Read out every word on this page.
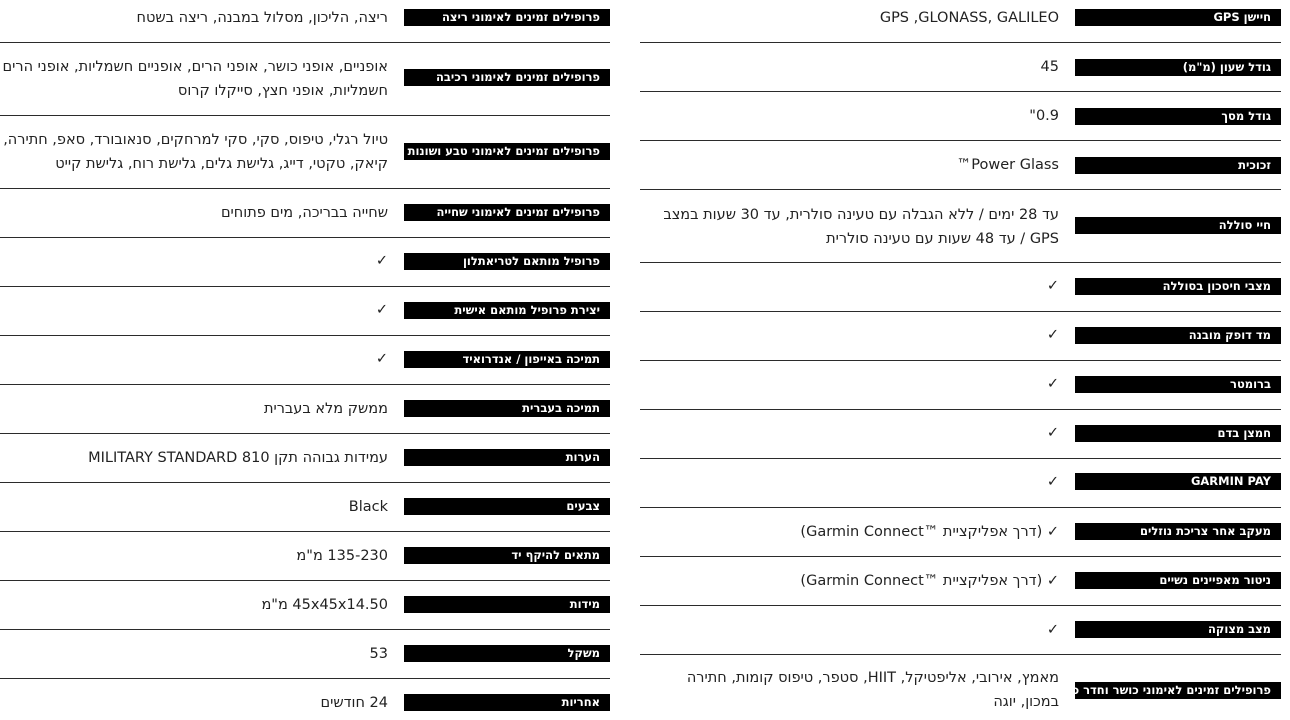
חיישן GPS
GPS ,GLONASS, GALILEO
גודל שעון (מ"מ)
45
גודל מסך
0.9"
זכוכית
Power Glass™
חיי סוללה
עד 28 ימים / ללא הגבלה עם טעינה סולרית, עד 30 שעות במצב GPS / עד 48 שעות עם טעינה סולרית
מצבי חיסכון בסוללה
✓
מד דופק מובנה
✓
ברומטר
✓
חמצן בדם
✓
GARMIN PAY
✓
מעקב אחר צריכת נוזלים
✓ (דרך אפליקציית ™Garmin Connect)
ניטור מאפיינים נשיים
✓ (דרך אפליקציית ™Garmin Connect)
מצב מצוקה
✓
פרופילים זמינים לאימוני כושר וחדר כושר
מאמץ, אירובי, אליפטיקל, HIIT, סטפר, טיפוס קומות, חתירה במכון, יוגה
פרופילים זמינים לאימוני ריצה
ריצה, הליכון, מסלול במבנה, ריצה בשטח
פרופילים זמינים לאימוני רכיבה
אופניים, אופני כושר, אופני הרים, אופניים חשמליות, אופני הרים חשמליות, אופני חצץ, סייקלו קרוס
פרופילים זמינים לאימוני טבע ושונות
טיול רגלי, טיפוס, סקי, סקי למרחקים, סנאובורד, סאפ, חתירה, קיאק, טקטי, דייג, גלישת גלים, גלישת רוח, גלישת קייט
פרופילים זמינים לאימוני שחייה
שחייה בבריכה, מים פתוחים
פרופיל מותאם לטריאתלון
✓
יצירת פרופיל מותאם אישית
✓
תמיכה באייפון / אנדרואיד
✓
תמיכה בעברית
ממשק מלא בעברית
הערות
עמידות גבוהה תקן MILITARY STANDARD 810
צבעים
Black
מתאים להיקף יד
135-230 מ"מ
מידות
45x45x14.50 מ"מ
משקל
53
אחריות
24 חודשים
